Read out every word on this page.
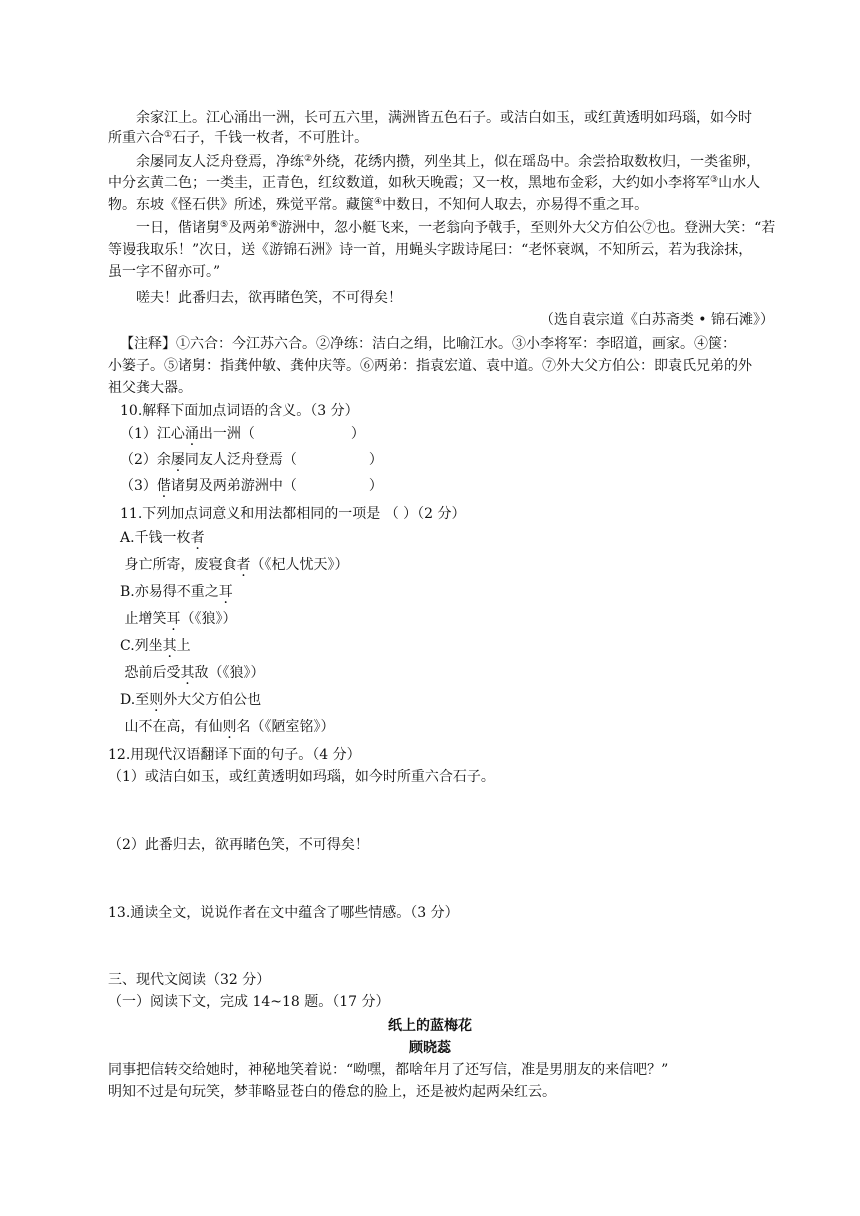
余家江上。江心涌出一洲，长可五六里，满洲皆五色石子。或洁白如玉，或红黄透明如玛瑙，如今时
所重六合①石子，千钱一枚者，不可胜计。
余屡同友人泛舟登焉，净练②外绕，花绣内攒，列坐其上，似在瑶岛中。余尝拾取数枚归，一类雀卵，
中分玄黄二色；一类圭，正青色，红纹数道，如秋天晚霞；又一枚，黑地布金彩，大约如小李将军③山水人
物。东坡《怪石供》所述，殊觉平常。藏箧④中数日，不知何人取去，亦易得不重之耳。
一日，偕诸舅⑤及两弟⑥游洲中，忽小艇飞来，一老翁向予戟手，至则外大父方伯公⑦也。登洲大笑：“若
等谩我取乐！”次日，送《游锦石洲》诗一首，用蝇头字跋诗尾曰：“老怀衰飒，不知所云，若为我涂抹，
虽一字不留亦可。”
嗟夫！此番归去，欲再睹色笑，不可得矣！
（选自袁宗道《白苏斋类 • 锦石滩》）
【注释】①六合：今江苏六合。②净练：洁白之绢，比喻江水。③小李将军：李昭道，画家。④箧：
小篓子。⑤诸舅：指龚仲敏、龚仲庆等。⑥两弟：指袁宏道、袁中道。⑦外大父方伯公：即袁氏兄弟的外
祖父龚大器。
10.解释下面加点词语的含义。（3 分）
（1）江心涌出一洲（	）
（2）余屡同友人泛舟登焉（	）
（3）偕诸舅及两弟游洲中（	）
11.下列加点词意义和用法都相同的一项是 （ ）（2 分）
A.千钱一枚者
身亡所寄，废寝食者（《杞人忧天》）
B.亦易得不重之耳
止增笑耳（《狼》）
C.列坐其上
恐前后受其敌（《狼》）
D.至则外大父方伯公也
山不在高，有仙则名（《陋室铭》）
12.用现代汉语翻译下面的句子。（4 分）
（1）或洁白如玉，或红黄透明如玛瑙，如今时所重六合石子。
（2）此番归去，欲再睹色笑，不可得矣！
13.通读全文，说说作者在文中蕴含了哪些情感。（3 分）
三、现代文阅读（32 分）
（一）阅读下文，完成 14~18 题。（17 分）
纸上的蓝梅花
顾晓蕊
同事把信转交给她时，神秘地笑着说：“呦嘿，都啥年月了还写信，准是男朋友的来信吧？”
明知不过是句玩笑，梦菲略显苍白的倦怠的脸上，还是被灼起两朵红云。
